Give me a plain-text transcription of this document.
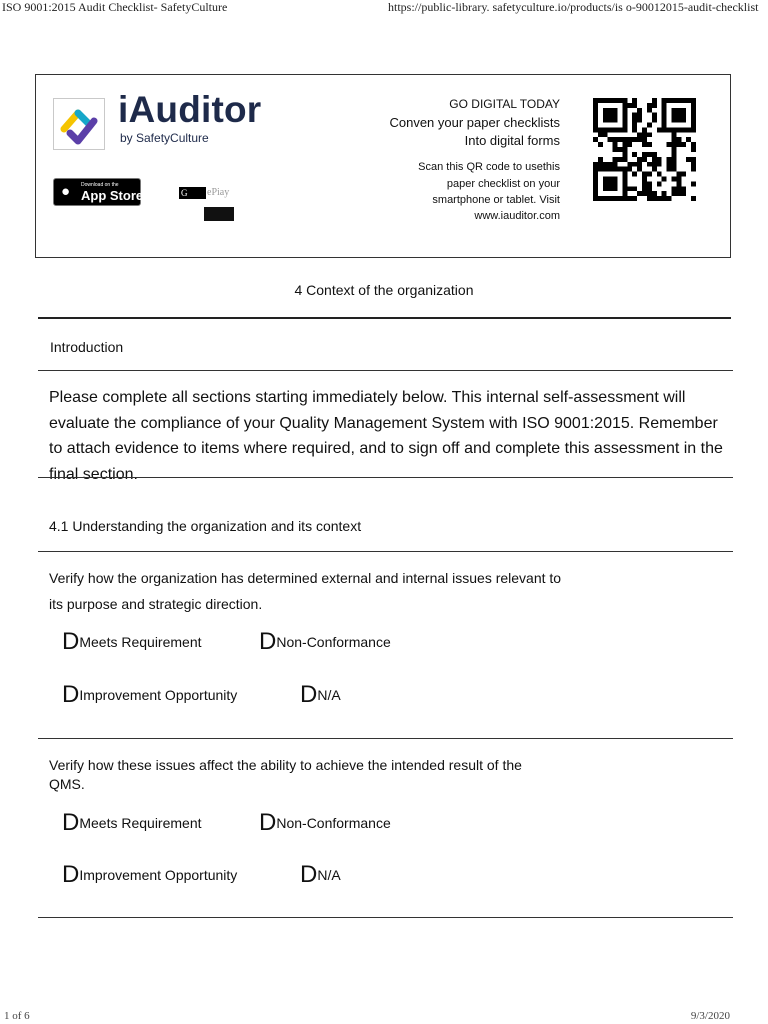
ISO 9001:2015 Audit Checklist- SafetyCulture	https://public-library. safetyculture.io/products/is o-90012015-audit-checklist
iAuditor
by SafetyCulture
● Download on the
App Store	G	ePiay
GO DIGITAL TODAY
Conven your paper checklists
Into digital forms
Scan this QR code to usethis
paper checklist on your
smartphone or tablet. Visit
www.iauditor.com
4 Context of the organization
Introduction
Please complete all sections starting immediately below. This internal self-assessment will
evaluate the compliance of your Quality Management System with ISO 9001:2015. Remember
to attach evidence to items where required, and to sign off and complete this assessment in the
final section.
4.1 Understanding the organization and its context
Verify how the organization has determined external and internal issues relevant to
its purpose and strategic direction.
DMeets Requirement DNon-Conformance
DImprovement Opportunity	DN/A
Verify how these issues affect the ability to achieve the intended result of the
QMS.
DMeets Requirement DNon-Conformance
DImprovement Opportunity	DN/A
1 of 6	9/3/2020
